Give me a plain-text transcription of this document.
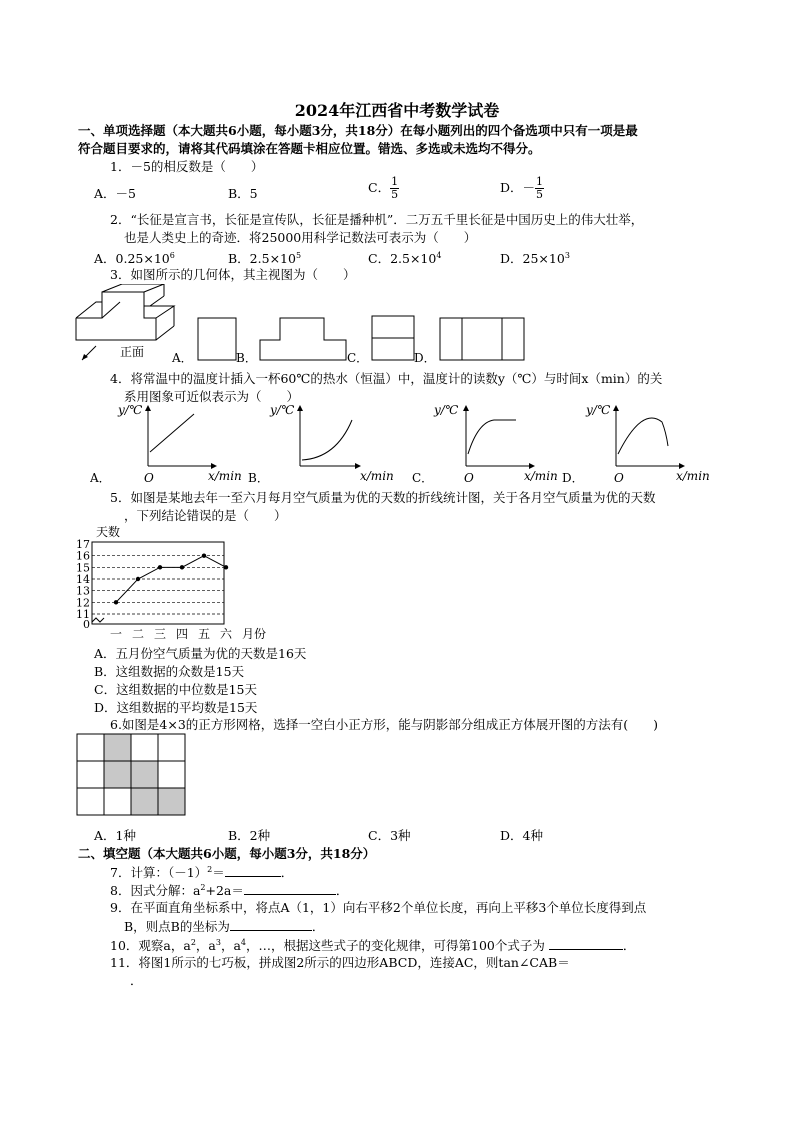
2024年江西省中考数学试卷
一、单项选择题（本大题共6小题，每小题3分，共18分）在每小题列出的四个备选项中只有一项是最
符合题目要求的，请将其代码填涂在答题卡相应位置。错选、多选或未选均不得分。
1．－5的相反数是（　　）
A．－5	B．5	C． $\frac{1}{5}$	D．－ $\frac{1}{5}$
2．“长征是宣言书，长征是宣传队，长征是播种机”．二万五千里长征是中国历史上的伟大壮举，
也是人类史上的奇迹．将25000用科学记数法可表示为（　　）
A．$0.25\times 10^6$	B．$2.5\times 10^5$	C．$2.5\times 10^4$	D．$25\times 10^3$
3．如图所示的几何体，其主视图为（　　）
正面 A．	B．	C．	D．
4．将常温中的温度计插入一杯60℃的热水（恒温）中，温度计的读数y（℃）与时间x（min）的关
系用图象可近似表示为（　　）
A．
y/℃
x/min
O	B．
y/℃
x/min C．
y/℃
O	x/min D．
y/℃
O	x/min
5．如图是某地去年一至六月每月空气质量为优的天数的折线统计图，关于各月空气质量为优的天数
，下列结论错误的是（　　）
天数
月份
0
11
12
13
14
15
16
17
一 二 三 四 五 六
A．五月份空气质量为优的天数是16天
B．这组数据的众数是15天
C．这组数据的中位数是15天
D．这组数据的平均数是15天
6.如图是4×3的正方形网格，选择一空白小正方形，能与阴影部分组成正方体展开图的方法有(　　)
A．1种	B．2种	C．3种	D．4种
二、填空题（本大题共6小题，每小题3分，共18分）
7．计算：$(-1)^2=$	．
8．因式分解：$a^2+2a=$	．
9．在平面直角坐标系中，将点A（1，1）向右平移2个单位长度，再向上平移3个单位长度得到点
B，则点B的坐标为	．
10．观察a，$a^2$，$a^3$，$a^4$，…，根据这些式子的变化规律，可得第100个式子为	．
11．将图1所示的七巧板，拼成图2所示的四边形ABCD，连接AC，则tan∠CAB＝
．
